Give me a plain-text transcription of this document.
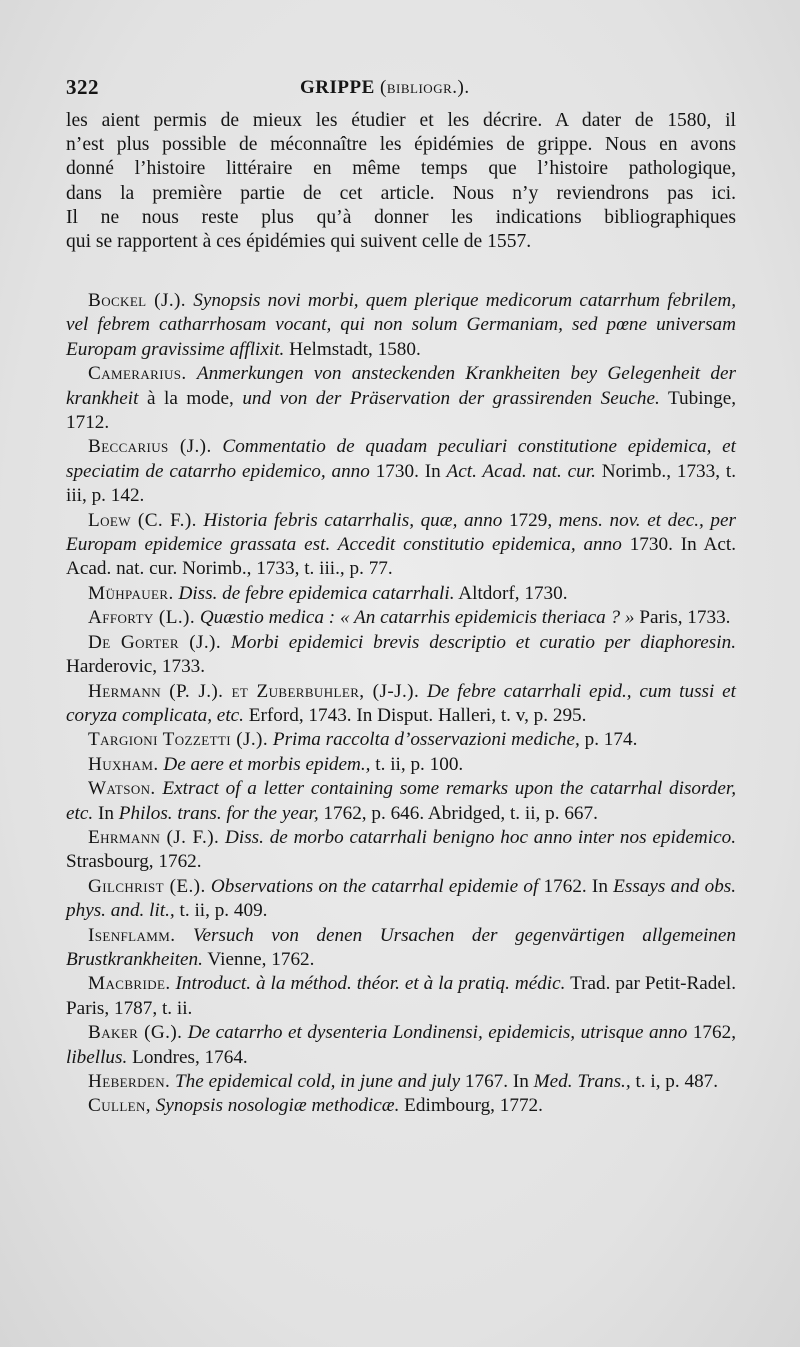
322	GRIPPE (bibliogr.).
les aient permis de mieux les étudier et les décrire. A dater de 1580, il
n’est plus possible de méconnaître les épidémies de grippe. Nous en avons
donné l’histoire littéraire en même temps que l’histoire pathologique,
dans la première partie de cet article. Nous n’y reviendrons pas ici.
Il ne nous reste plus qu’à donner les indications bibliographiques
qui se rapportent à ces épidémies qui suivent celle de 1557.
Bockel (J.). Synopsis novi morbi, quem plerique medicorum catarrhum febrilem, vel febrem catharrhosam vocant, qui non solum Germaniam, sed pœne universam Europam gravissime afflixit. Helmstadt, 1580.
Camerarius. Anmerkungen von ansteckenden Krankheiten bey Gelegenheit der krankheit à la mode, und von der Präservation der grassirenden Seuche. Tubinge, 1712.
Beccarius (J.). Commentatio de quadam peculiari constitutione epidemica, et speciatim de catarrho epidemico, anno 1730. In Act. Acad. nat. cur. Norimb., 1733, t. iii, p. 142.
Loew (C. F.). Historia febris catarrhalis, quæ, anno 1729, mens. nov. et dec., per Europam epidemice grassata est. Accedit constitutio epidemica, anno 1730. In Act. Acad. nat. cur. Norimb., 1733, t. iii., p. 77.
Mühpauer. Diss. de febre epidemica catarrhali. Altdorf, 1730.
Afforty (L.). Quæstio medica : « An catarrhis epidemicis theriaca ? » Paris, 1733.
De Gorter (J.). Morbi epidemici brevis descriptio et curatio per diaphoresin. Harderovic, 1733.
Hermann (P. J.). et Zuberbuhler, (J-J.). De febre catarrhali epid., cum tussi et coryza complicata, etc. Erford, 1743. In Disput. Halleri, t. v, p. 295.
Targioni Tozzetti (J.). Prima raccolta d’osservazioni mediche, p. 174.
Huxham. De aere et morbis epidem., t. ii, p. 100.
Watson. Extract of a letter containing some remarks upon the catarrhal disorder, etc. In Philos. trans. for the year, 1762, p. 646. Abridged, t. ii, p. 667.
Ehrmann (J. F.). Diss. de morbo catarrhali benigno hoc anno inter nos epidemico. Strasbourg, 1762.
Gilchrist (E.). Observations on the catarrhal epidemie of 1762. In Essays and obs. phys. and. lit., t. ii, p. 409.
Isenflamm. Versuch von denen Ursachen der gegenvärtigen allgemeinen Brustkrankheiten. Vienne, 1762.
Macbride. Introduct. à la méthod. théor. et à la pratiq. médic. Trad. par Petit-Radel. Paris, 1787, t. ii.
Baker (G.). De catarrho et dysenteria Londinensi, epidemicis, utrisque anno 1762, libellus. Londres, 1764.
Heberden. The epidemical cold, in june and july 1767. In Med. Trans., t. i, p. 487.
Cullen, Synopsis nosologiæ methodicæ. Edimbourg, 1772.
